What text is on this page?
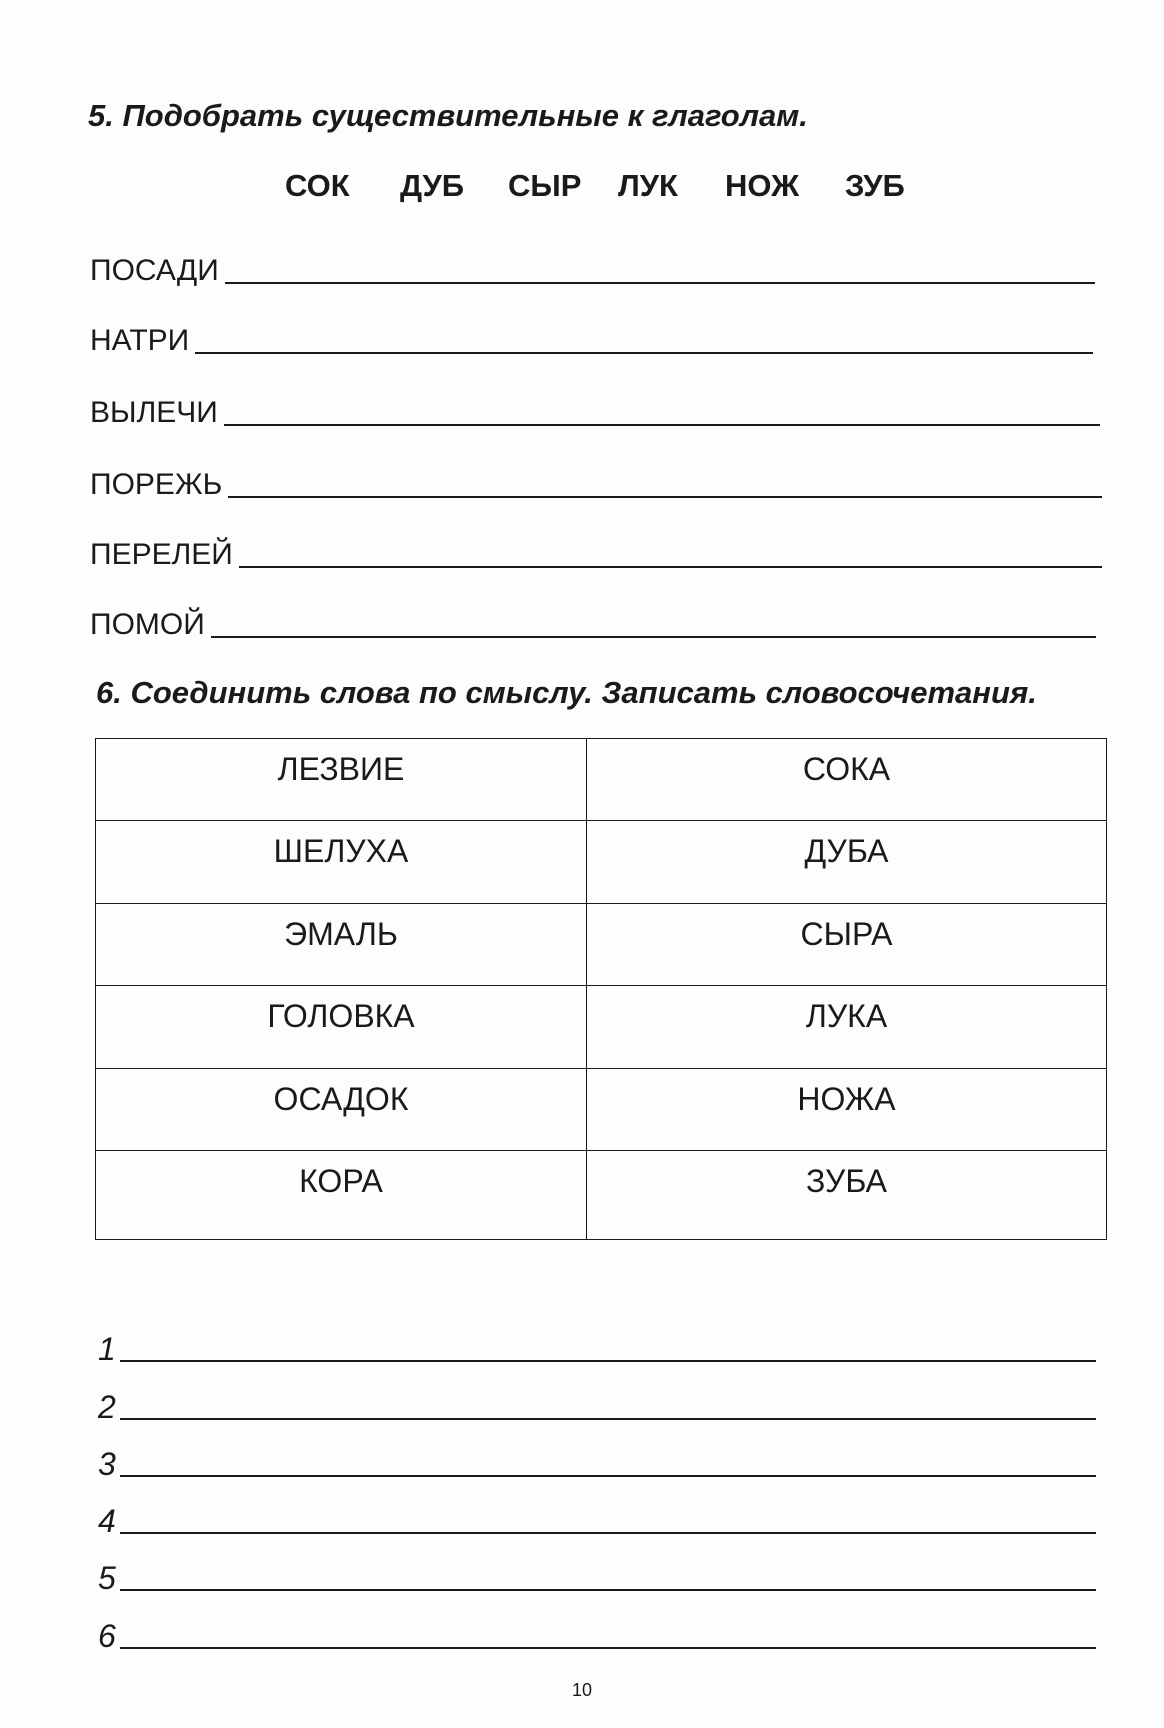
5. Подобрать существительные к глаголам.
СОК ДУБ СЫР ЛУК НОЖ ЗУБ
ПОСАДИ
НАТРИ
ВЫЛЕЧИ
ПОРЕЖЬ
ПЕРЕЛЕЙ
ПОМОЙ
6. Соединить слова по смыслу. Записать словосочетания.
ЛЕЗВИЕ	СОКА
ШЕЛУХА	ДУБА
ЭМАЛЬ	СЫРА
ГОЛОВКА	ЛУКА
ОСАДОК	НОЖА
КОРА	ЗУБА
1
2
3
4
5
6
10
